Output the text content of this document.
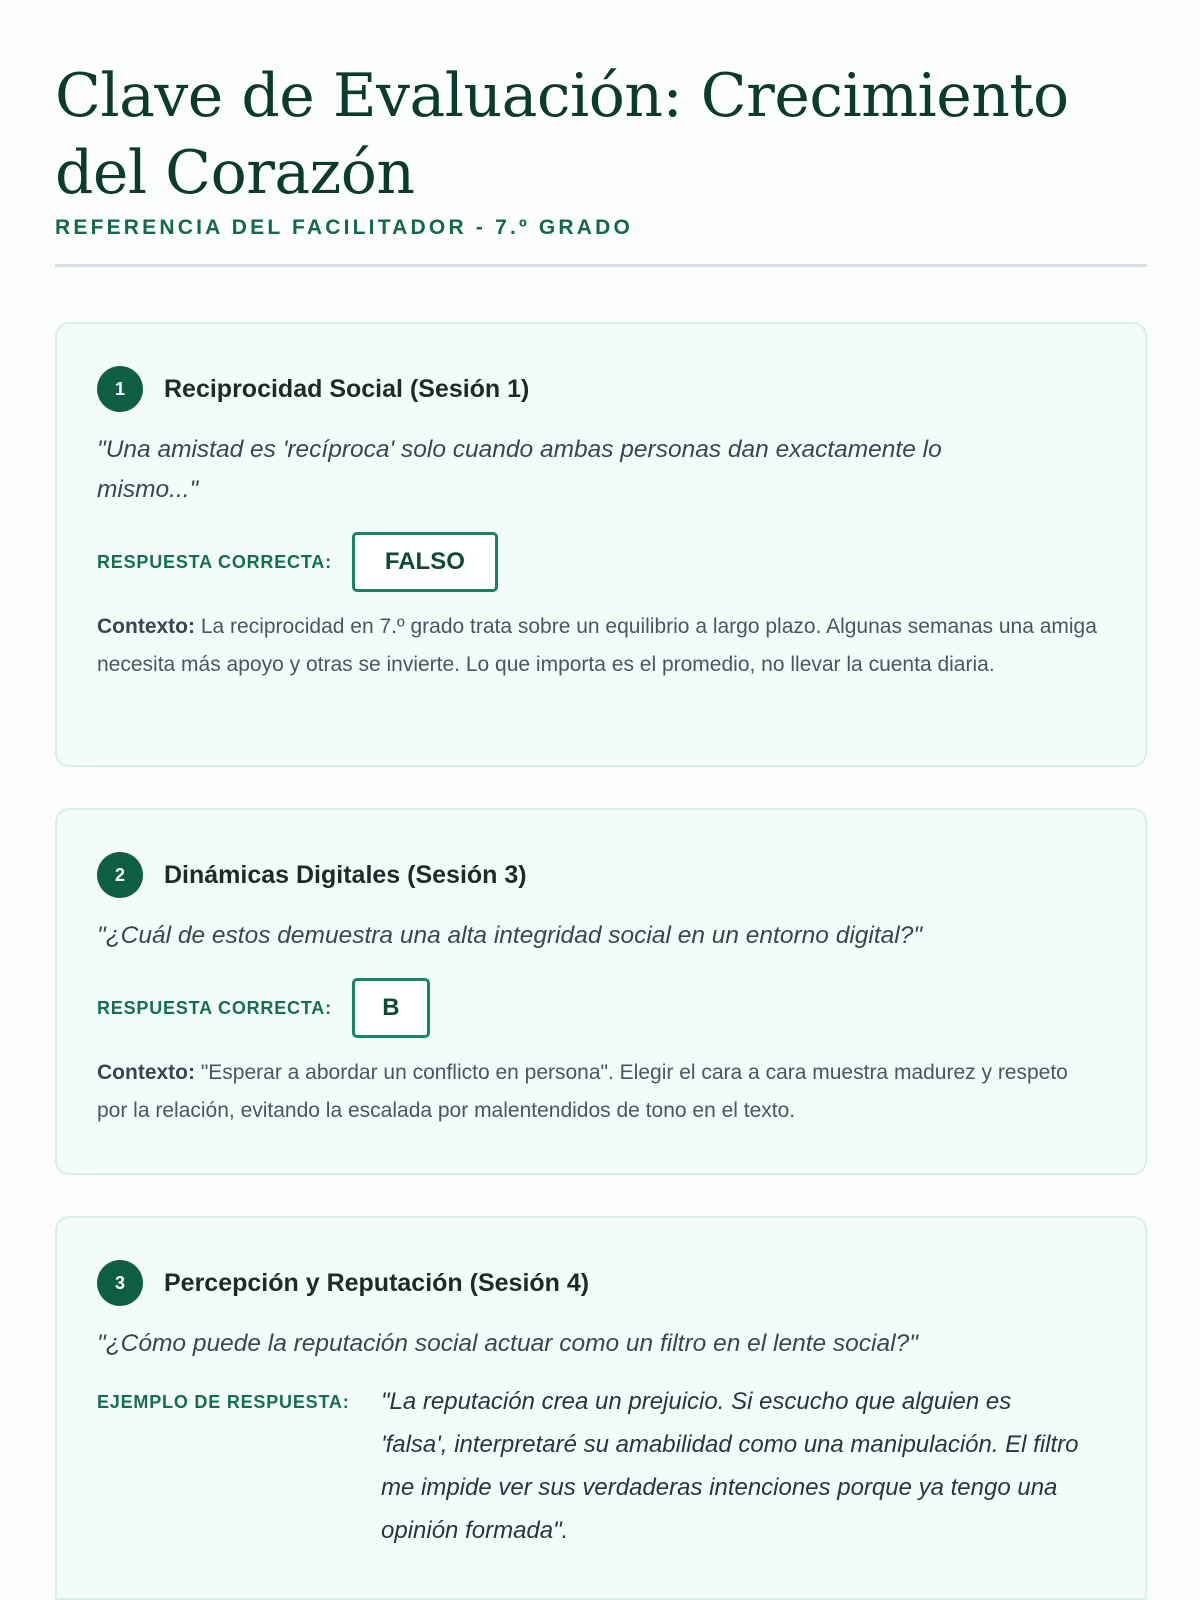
Clave de Evaluación: Crecimiento del Corazón
REFERENCIA DEL FACILITADOR - 7.º GRADO
1	Reciprocidad Social (Sesión 1)
"Una amistad es 'recíproca' solo cuando ambas personas dan exactamente lo mismo..."
RESPUESTA CORRECTA:	FALSO
Contexto: La reciprocidad en 7.º grado trata sobre un equilibrio a largo plazo. Algunas semanas una amiga necesita más apoyo y otras se invierte. Lo que importa es el promedio, no llevar la cuenta diaria.
2	Dinámicas Digitales (Sesión 3)
"¿Cuál de estos demuestra una alta integridad social en un entorno digital?"
RESPUESTA CORRECTA:	B
Contexto: "Esperar a abordar un conflicto en persona". Elegir el cara a cara muestra madurez y respeto por la relación, evitando la escalada por malentendidos de tono en el texto.
3	Percepción y Reputación (Sesión 4)
"¿Cómo puede la reputación social actuar como un filtro en el lente social?"
EJEMPLO DE RESPUESTA: "La reputación crea un prejuicio. Si escucho que alguien es 'falsa', interpretaré su amabilidad como una manipulación. El filtro me impide ver sus verdaderas intenciones porque ya tengo una opinión formada".
